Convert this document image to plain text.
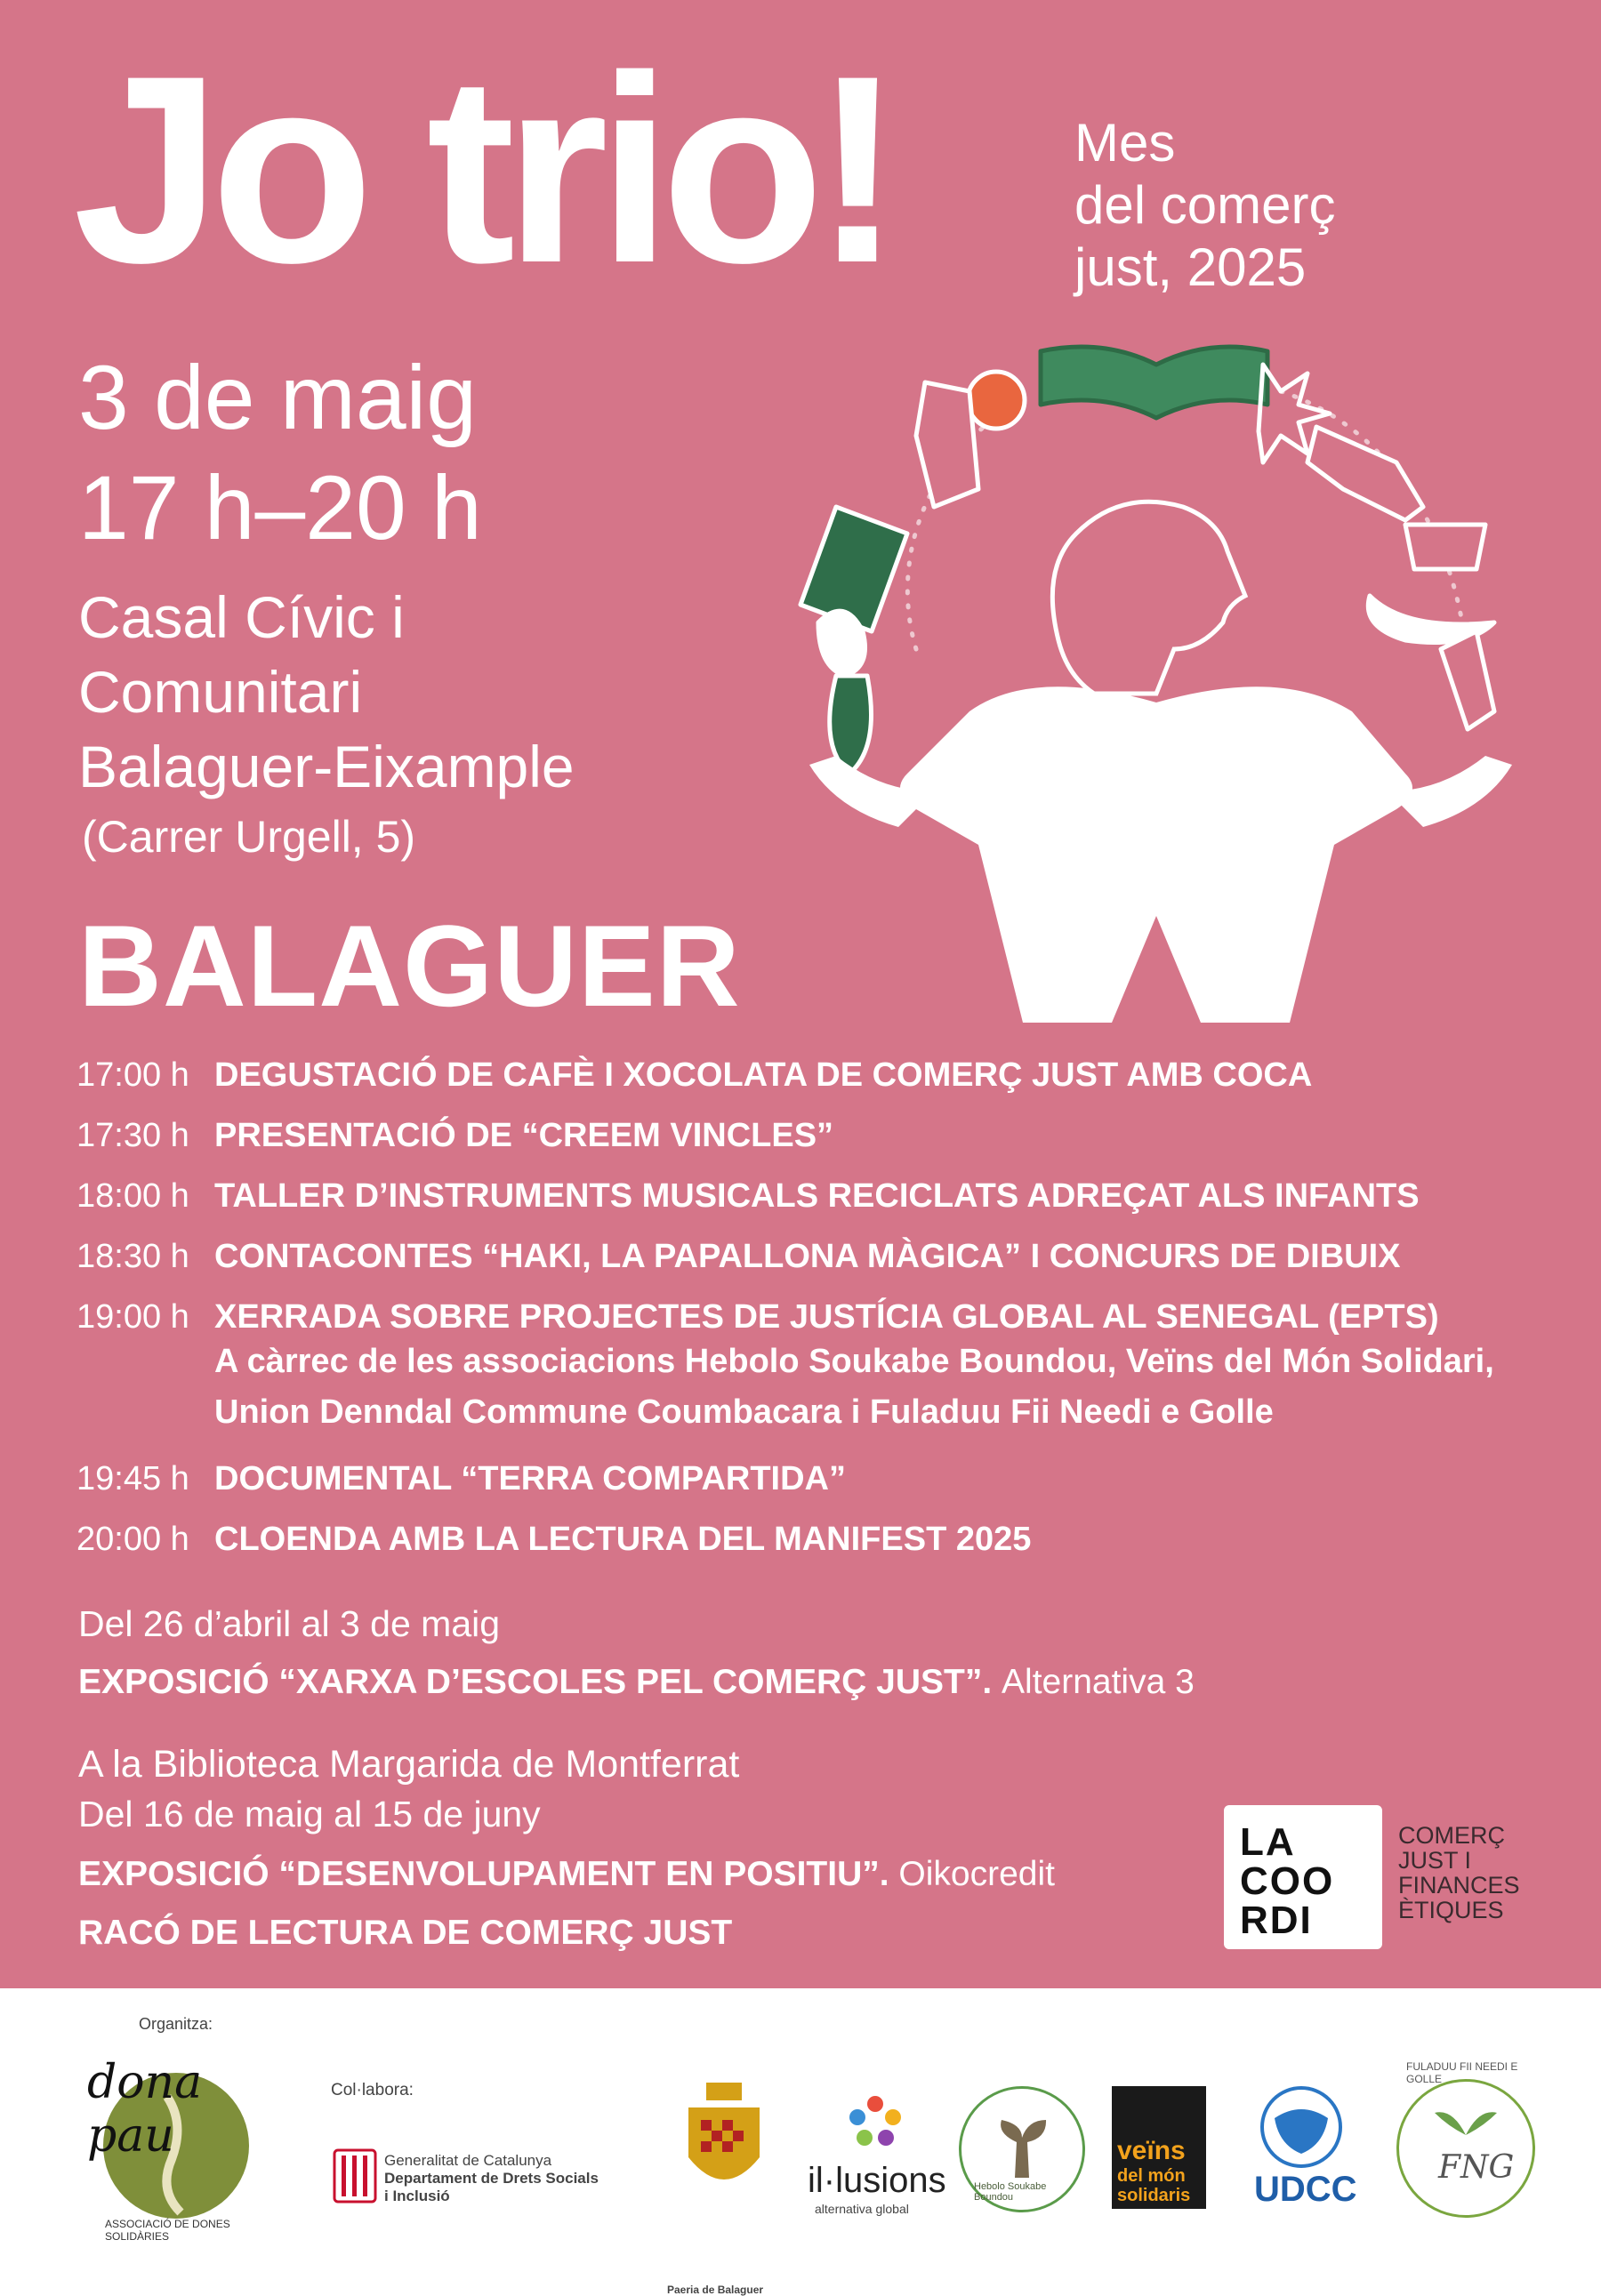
Jo trio!	Mes
del comerç
just, 2025
3 de maig
17 h–20 h
Casal Cívic i
Comunitari
Balaguer-Eixample
(Carrer Urgell, 5)
BALAGUER
17:00 h DEGUSTACIÓ DE CAFÈ I XOCOLATA DE COMERÇ JUST AMB COCA
17:30 h PRESENTACIÓ DE “CREEM VINCLES”
18:00 h TALLER D’INSTRUMENTS MUSICALS RECICLATS ADREÇAT ALS INFANTS
18:30 h CONTACONTES “HAKI, LA PAPALLONA MÀGICA” I CONCURS DE DIBUIX
19:00 h XERRADA SOBRE PROJECTES DE JUSTÍCIA GLOBAL AL SENEGAL (EPTS)
A càrrec de les associacions Hebolo Soukabe Boundou, Veïns del Món Solidari,
Union Denndal Commune Coumbacara i Fuladuu Fii Needi e Golle
19:45 h DOCUMENTAL “TERRA COMPARTIDA”
20:00 h CLOENDA AMB LA LECTURA DEL MANIFEST 2025
Del 26 d’abril al 3 de maig
EXPOSICIÓ “XARXA D’ESCOLES PEL COMERÇ JUST”. Alternativa 3
A la Biblioteca Margarida de Montferrat
Del 16 de maig al 15 de juny
EXPOSICIÓ “DESENVOLUPAMENT EN POSITIU”. Oikocredit
RACÓ DE LECTURA DE COMERÇ JUST
LA
COO
RDI
COMERÇ
JUST I
FINANCES
ÈTIQUES
Organitza:
dona pau
ASSOCIACIÓ DE DONES SOLIDÀRIES
Col·labora:
Generalitat de Catalunya
Departament de Drets Socials
i Inclusió
Paeria de Balaguer
il·lusions
alternativa global
Hebolo Soukabe Boundou
veïns
del món
solidaris UDCC
FNG
FULADUU FII NEEDI E GOLLE
